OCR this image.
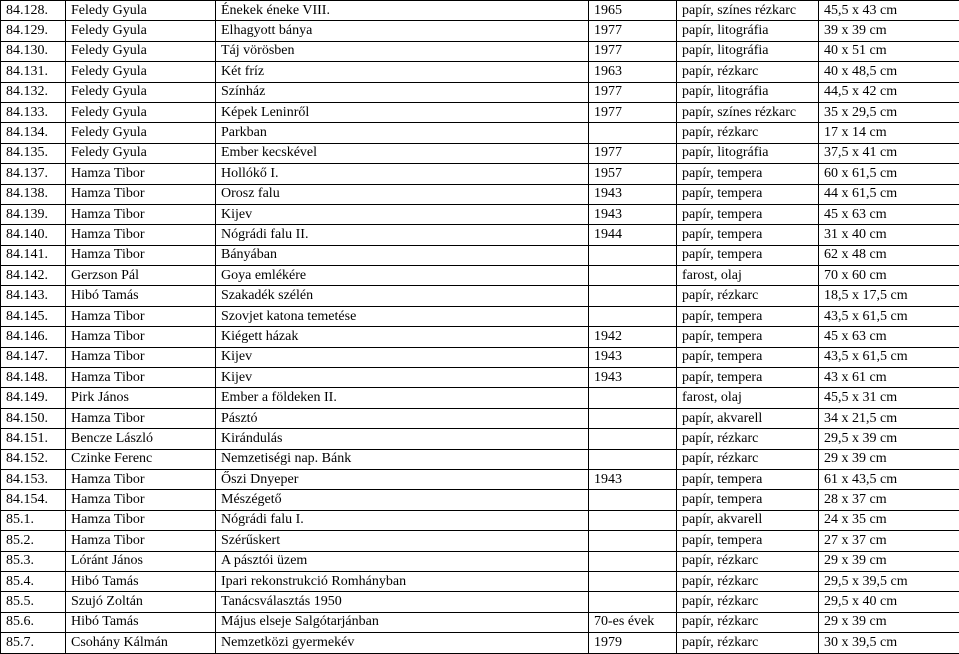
84.128.	Feledy Gyula	Énekek éneke VIII.	1965	papír, színes rézkarc	45,5 x 43 cm
84.129.	Feledy Gyula	Elhagyott bánya	1977	papír, litográfia	39 x 39 cm
84.130.	Feledy Gyula	Táj vörösben	1977	papír, litográfia	40 x 51 cm
84.131.	Feledy Gyula	Két fríz	1963	papír, rézkarc	40 x 48,5 cm
84.132.	Feledy Gyula	Színház	1977	papír, litográfia	44,5 x 42 cm
84.133.	Feledy Gyula	Képek Leninről	1977	papír, színes rézkarc	35 x 29,5 cm
84.134.	Feledy Gyula	Parkban		papír, rézkarc	17 x 14 cm
84.135.	Feledy Gyula	Ember kecskével	1977	papír, litográfia	37,5 x 41 cm
84.137.	Hamza Tibor	Hollókő I.	1957	papír, tempera	60 x 61,5 cm
84.138.	Hamza Tibor	Orosz falu	1943	papír, tempera	44 x 61,5 cm
84.139.	Hamza Tibor	Kijev	1943	papír, tempera	45 x 63 cm
84.140.	Hamza Tibor	Nógrádi falu II.	1944	papír, tempera	31 x 40 cm
84.141.	Hamza Tibor	Bányában		papír, tempera	62 x 48 cm
84.142.	Gerzson Pál	Goya emlékére		farost, olaj	70 x 60 cm
84.143.	Hibó Tamás	Szakadék szélén		papír, rézkarc	18,5 x 17,5 cm
84.145.	Hamza Tibor	Szovjet katona temetése		papír, tempera	43,5 x 61,5 cm
84.146.	Hamza Tibor	Kiégett házak	1942	papír, tempera	45 x 63 cm
84.147.	Hamza Tibor	Kijev	1943	papír, tempera	43,5 x 61,5 cm
84.148.	Hamza Tibor	Kijev	1943	papír, tempera	43 x 61 cm
84.149.	Pirk János	Ember a földeken II.		farost, olaj	45,5 x 31 cm
84.150.	Hamza Tibor	Pásztó		papír, akvarell	34 x 21,5 cm
84.151.	Bencze László	Kirándulás		papír, rézkarc	29,5 x 39 cm
84.152.	Czinke Ferenc	Nemzetiségi nap. Bánk		papír, rézkarc	29 x 39 cm
84.153.	Hamza Tibor	Őszi Dnyeper	1943	papír, tempera	61 x 43,5 cm
84.154.	Hamza Tibor	Mészégető		papír, tempera	28 x 37 cm
85.1.	Hamza Tibor	Nógrádi falu I.		papír, akvarell	24 x 35 cm
85.2.	Hamza Tibor	Szérűskert		papír, tempera	27 x 37 cm
85.3.	Lóránt János	A pásztói üzem		papír, rézkarc	29 x 39 cm
85.4.	Hibó Tamás	Ipari rekonstrukció Romhányban		papír, rézkarc	29,5 x 39,5 cm
85.5.	Szujó Zoltán	Tanácsválasztás 1950		papír, rézkarc	29,5 x 40 cm
85.6.	Hibó Tamás	Május elseje Salgótarjánban	70-es évek	papír, rézkarc	29 x 39 cm
85.7.	Csohány Kálmán	Nemzetközi gyermekév	1979	papír, rézkarc	30 x 39,5 cm
